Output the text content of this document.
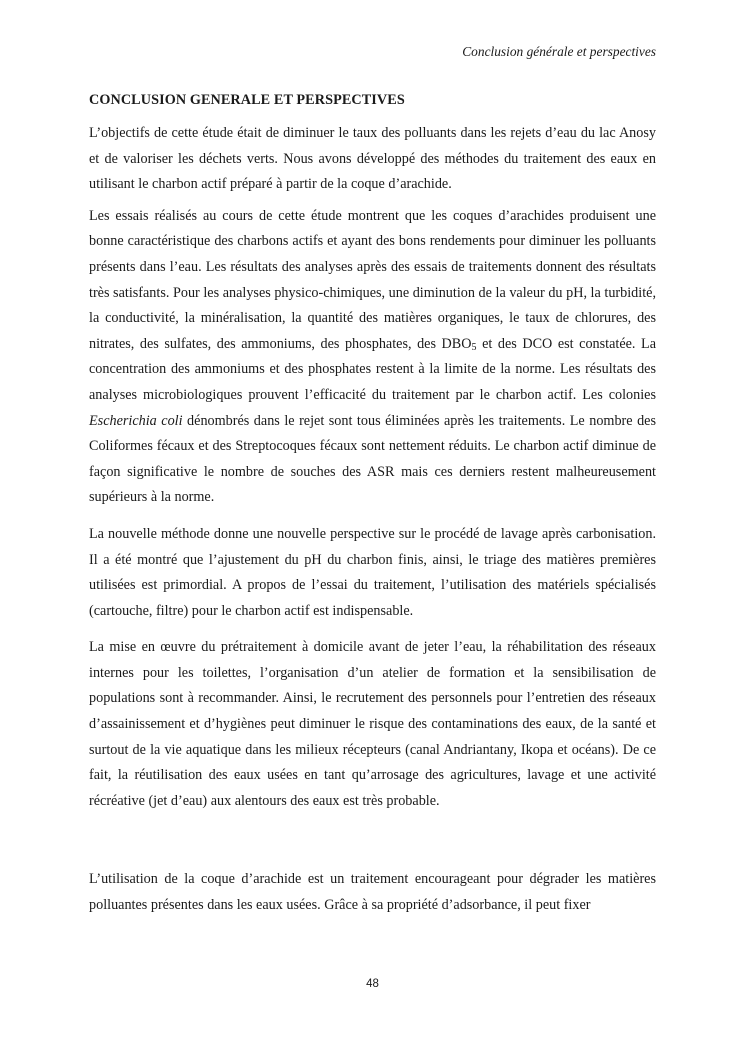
Conclusion générale et perspectives
CONCLUSION GENERALE ET PERSPECTIVES

L’objectifs de cette étude était de diminuer le taux des polluants dans les rejets d’eau du lac Anosy et de valoriser les déchets verts. Nous avons développé des méthodes du traitement des eaux en utilisant le charbon actif préparé à partir de la coque d’arachide.

Les essais réalisés au cours de cette étude montrent que les coques d’arachides produisent une bonne caractéristique des charbons actifs et ayant des bons rendements pour diminuer les polluants présents dans l’eau. Les résultats des analyses après des essais de traitements donnent des résultats très satisfants. Pour les analyses physico-chimiques, une diminution de la valeur du pH, la turbidité, la conductivité, la minéralisation, la quantité des matières organiques, le taux de chlorures, des nitrates, des sulfates, des ammoniums, des phosphates, des $DBO_5$ et des DCO est constatée. La concentration des ammoniums et des phosphates restent à la limite de la norme. Les résultats des analyses microbiologiques prouvent l’efficacité du traitement par le charbon actif. Les colonies Escherichia coli dénombrés dans le rejet sont tous éliminées après les traitements. Le nombre des Coliformes fécaux et des Streptocoques fécaux sont nettement réduits. Le charbon actif diminue de façon significative le nombre de souches des ASR mais ces derniers restent malheureusement supérieurs à la norme.

La nouvelle méthode donne une nouvelle perspective sur le procédé de lavage après carbonisation. Il a été montré que l’ajustement du pH du charbon finis, ainsi, le triage des matières premières utilisées est primordial. A propos de l’essai du traitement, l’utilisation des matériels spécialisés (cartouche, filtre) pour le charbon actif est indispensable.

La mise en œuvre du prétraitement à domicile avant de jeter l’eau, la réhabilitation des réseaux internes pour les toilettes, l’organisation d’un atelier de formation et la sensibilisation de populations sont à recommander. Ainsi, le recrutement des personnels pour l’entretien des réseaux d’assainissement et d’hygiènes peut diminuer le risque des contaminations des eaux, de la santé et surtout de la vie aquatique dans les milieux récepteurs (canal Andriantany, Ikopa et océans). De ce fait, la réutilisation des eaux usées en tant qu’arrosage des agricultures, lavage et une activité récréative (jet d’eau) aux alentours des eaux est très probable.

L’utilisation de la coque d’arachide est un traitement encourageant pour dégrader les matières polluantes présentes dans les eaux usées. Grâce à sa propriété d’adsorbance, il peut fixer

48
